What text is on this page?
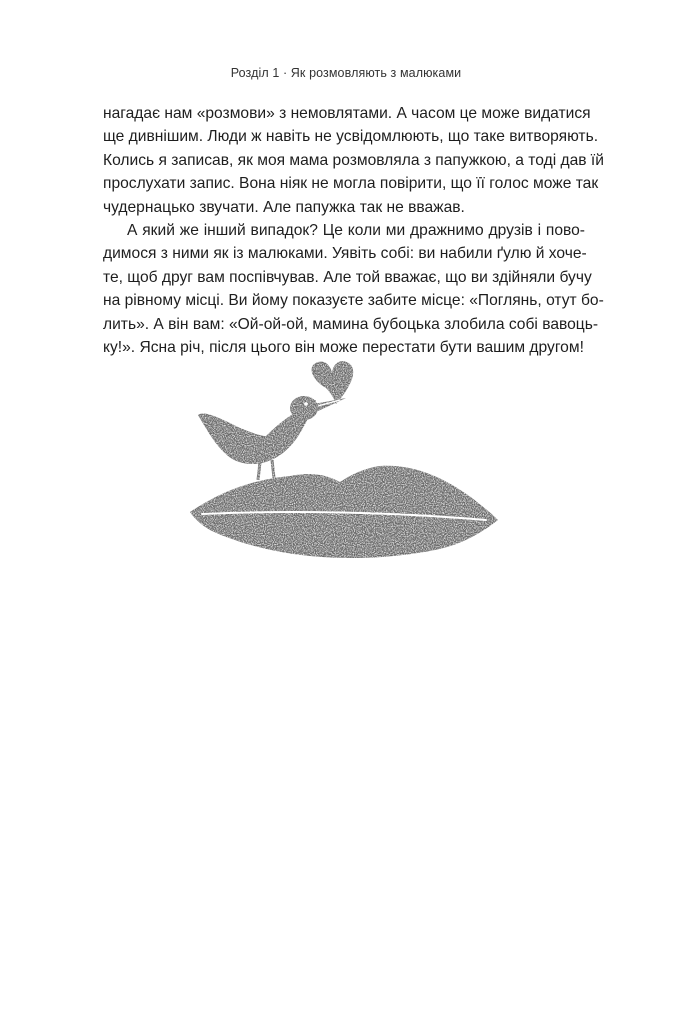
Розділ 1 · Як розмовляють з малюками

нагадає нам «розмови» з немовлятами. А часом це може видатися
ще дивнішим. Люди ж навіть не усвідомлюють, що таке витворяють.
Колись я записав, як моя мама розмовляла з папужкою, а тоді дав їй
прослухати запис. Вона ніяк не могла повірити, що її голос може так
чудернацько звучати. Але папужка так не вважав.

А який же інший випадок? Це коли ми дражнимо друзів і пово-
димося з ними як із малюками. Уявіть собі: ви набили ґулю й хоче-
те, щоб друг вам поспівчував. Але той вважає, що ви здійняли бучу
на рівному місці. Ви йому показуєте забите місце: «Поглянь, отут бо-
лить». А він вам: «Ой-ой-ой, мамина бубоцька злобила собі вавоць-
ку!». Ясна річ, після цього він може перестати бути вашим другом!
